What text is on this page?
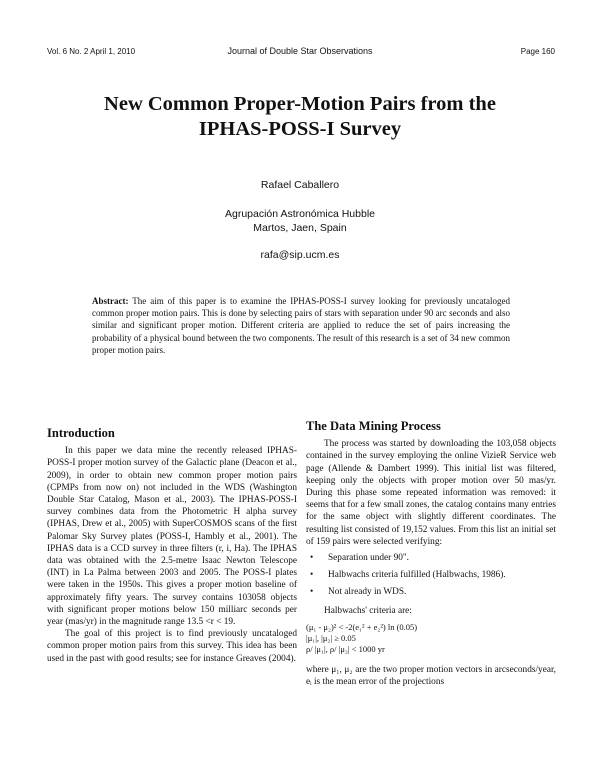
Vol. 6 No. 2 April 1, 2010	Journal of Double Star Observations	Page 160
New Common Proper-Motion Pairs from the
IPHAS-POSS-I Survey
Rafael Caballero
Agrupación Astronómica Hubble
Martos, Jaen, Spain
rafa@sip.ucm.es
Abstract: The aim of this paper is to examine the IPHAS-POSS-I survey looking for previously uncataloged common proper motion pairs. This is done by selecting pairs of stars with separation under 90 arc seconds and also similar and significant proper motion. Different criteria are applied to reduce the set of pairs increasing the probability of a physical bound between the two components. The result of this research is a set of 34 new common proper motion pairs.
Introduction

In this paper we data mine the recently released IPHAS-POSS-I proper motion survey of the Galactic plane (Deacon et al., 2009), in order to obtain new common proper motion pairs (CPMPs from now on) not included in the WDS (Washington Double Star Catalog, Mason et al., 2003). The IPHAS-POSS-I survey combines data from the Photometric H alpha survey (IPHAS, Drew et al., 2005) with SuperCOSMOS scans of the first Palomar Sky Survey plates (POSS-I, Hambly et al., 2001). The IPHAS data is a CCD survey in three filters (r, i, Ha). The IPHAS data was obtained with the 2.5-metre Isaac Newton Telescope (INT) in La Palma between 2003 and 2005. The POSS-I plates were taken in the 1950s. This gives a proper motion baseline of approximately fifty years. The survey contains 103058 objects with significant proper motions below 150 milliarc seconds per year (mas/yr) in the magnitude range 13.5 <r < 19.

The goal of this project is to find previously uncataloged common proper motion pairs from this survey. This idea has been used in the past with good results; see for instance Greaves (2004).

The Data Mining Process

The process was started by downloading the 103,058 objects contained in the survey employing the online VizieR Service web page (Allende & Dambert 1999). This initial list was filtered, keeping only the objects with proper motion over 50 mas/yr. During this phase some repeated information was removed: it seems that for a few small zones, the catalog contains many entries for the same object with slightly different coordinates. The resulting list consisted of 19,152 values. From this list an initial set of 159 pairs were selected verifying:

• Separation under 90".
• Halbwachs criteria fulfilled (Halbwachs, 1986).
• Not already in WDS.
Halbwachs' criteria are:
(μ₁ - μ₂)² < -2(e₁² + e₂²) ln (0.05)
|μ₁|, |μ₂| ≥ 0.05
ρ/ |μ₁|, ρ/ |μ₂| < 1000 yr
where μ₁, μ₂ are the two proper motion vectors in arcseconds/year, eᵢ is the mean error of the projections
